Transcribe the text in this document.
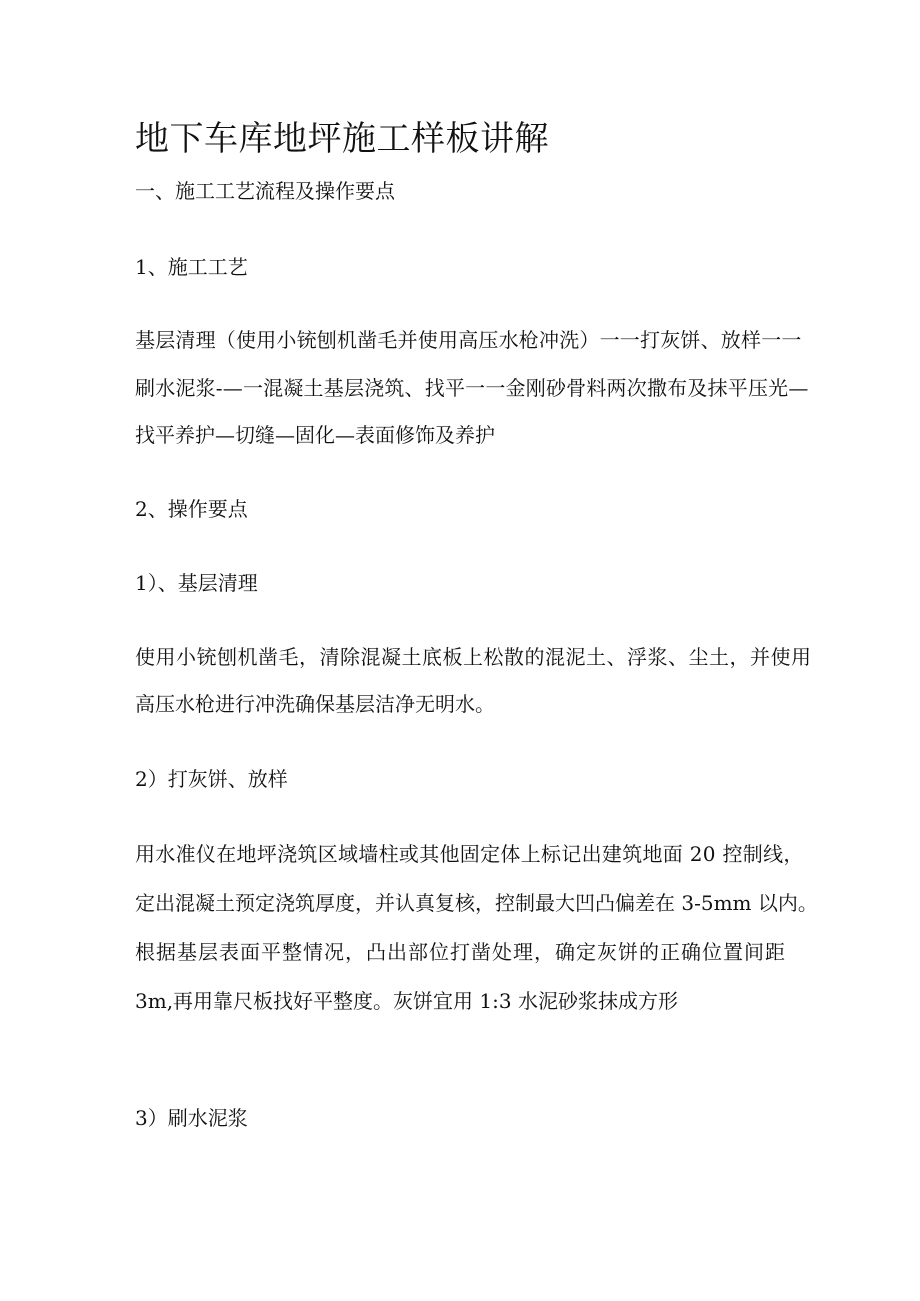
地下车库地坪施工样板讲解

一、施工工艺流程及操作要点

1、施工工艺

基层清理（使用小铳刨机凿毛并使用高压水枪冲洗）一一打灰饼、放样一一

刷水泥浆-—一混凝土基层浇筑、找平一一金刚砂骨料两次撒布及抹平压光—

找平养护—切缝—固化—表面修饰及养护

2、操作要点

1）、基层清理

使用小铳刨机凿毛，清除混凝土底板上松散的混泥土、浮浆、尘土，并使用

高压水枪进行冲洗确保基层洁净无明水。

2）打灰饼、放样

用水准仪在地坪浇筑区域墙柱或其他固定体上标记出建筑地面 20 控制线，

定出混凝土预定浇筑厚度，并认真复核，控制最大凹凸偏差在 3-5mm 以内。

根据基层表面平整情况，凸出部位打凿处理，确定灰饼的正确位置间距

3m,再用靠尺板找好平整度。灰饼宜用 1:3 水泥砂浆抹成方形

3）刷水泥浆
